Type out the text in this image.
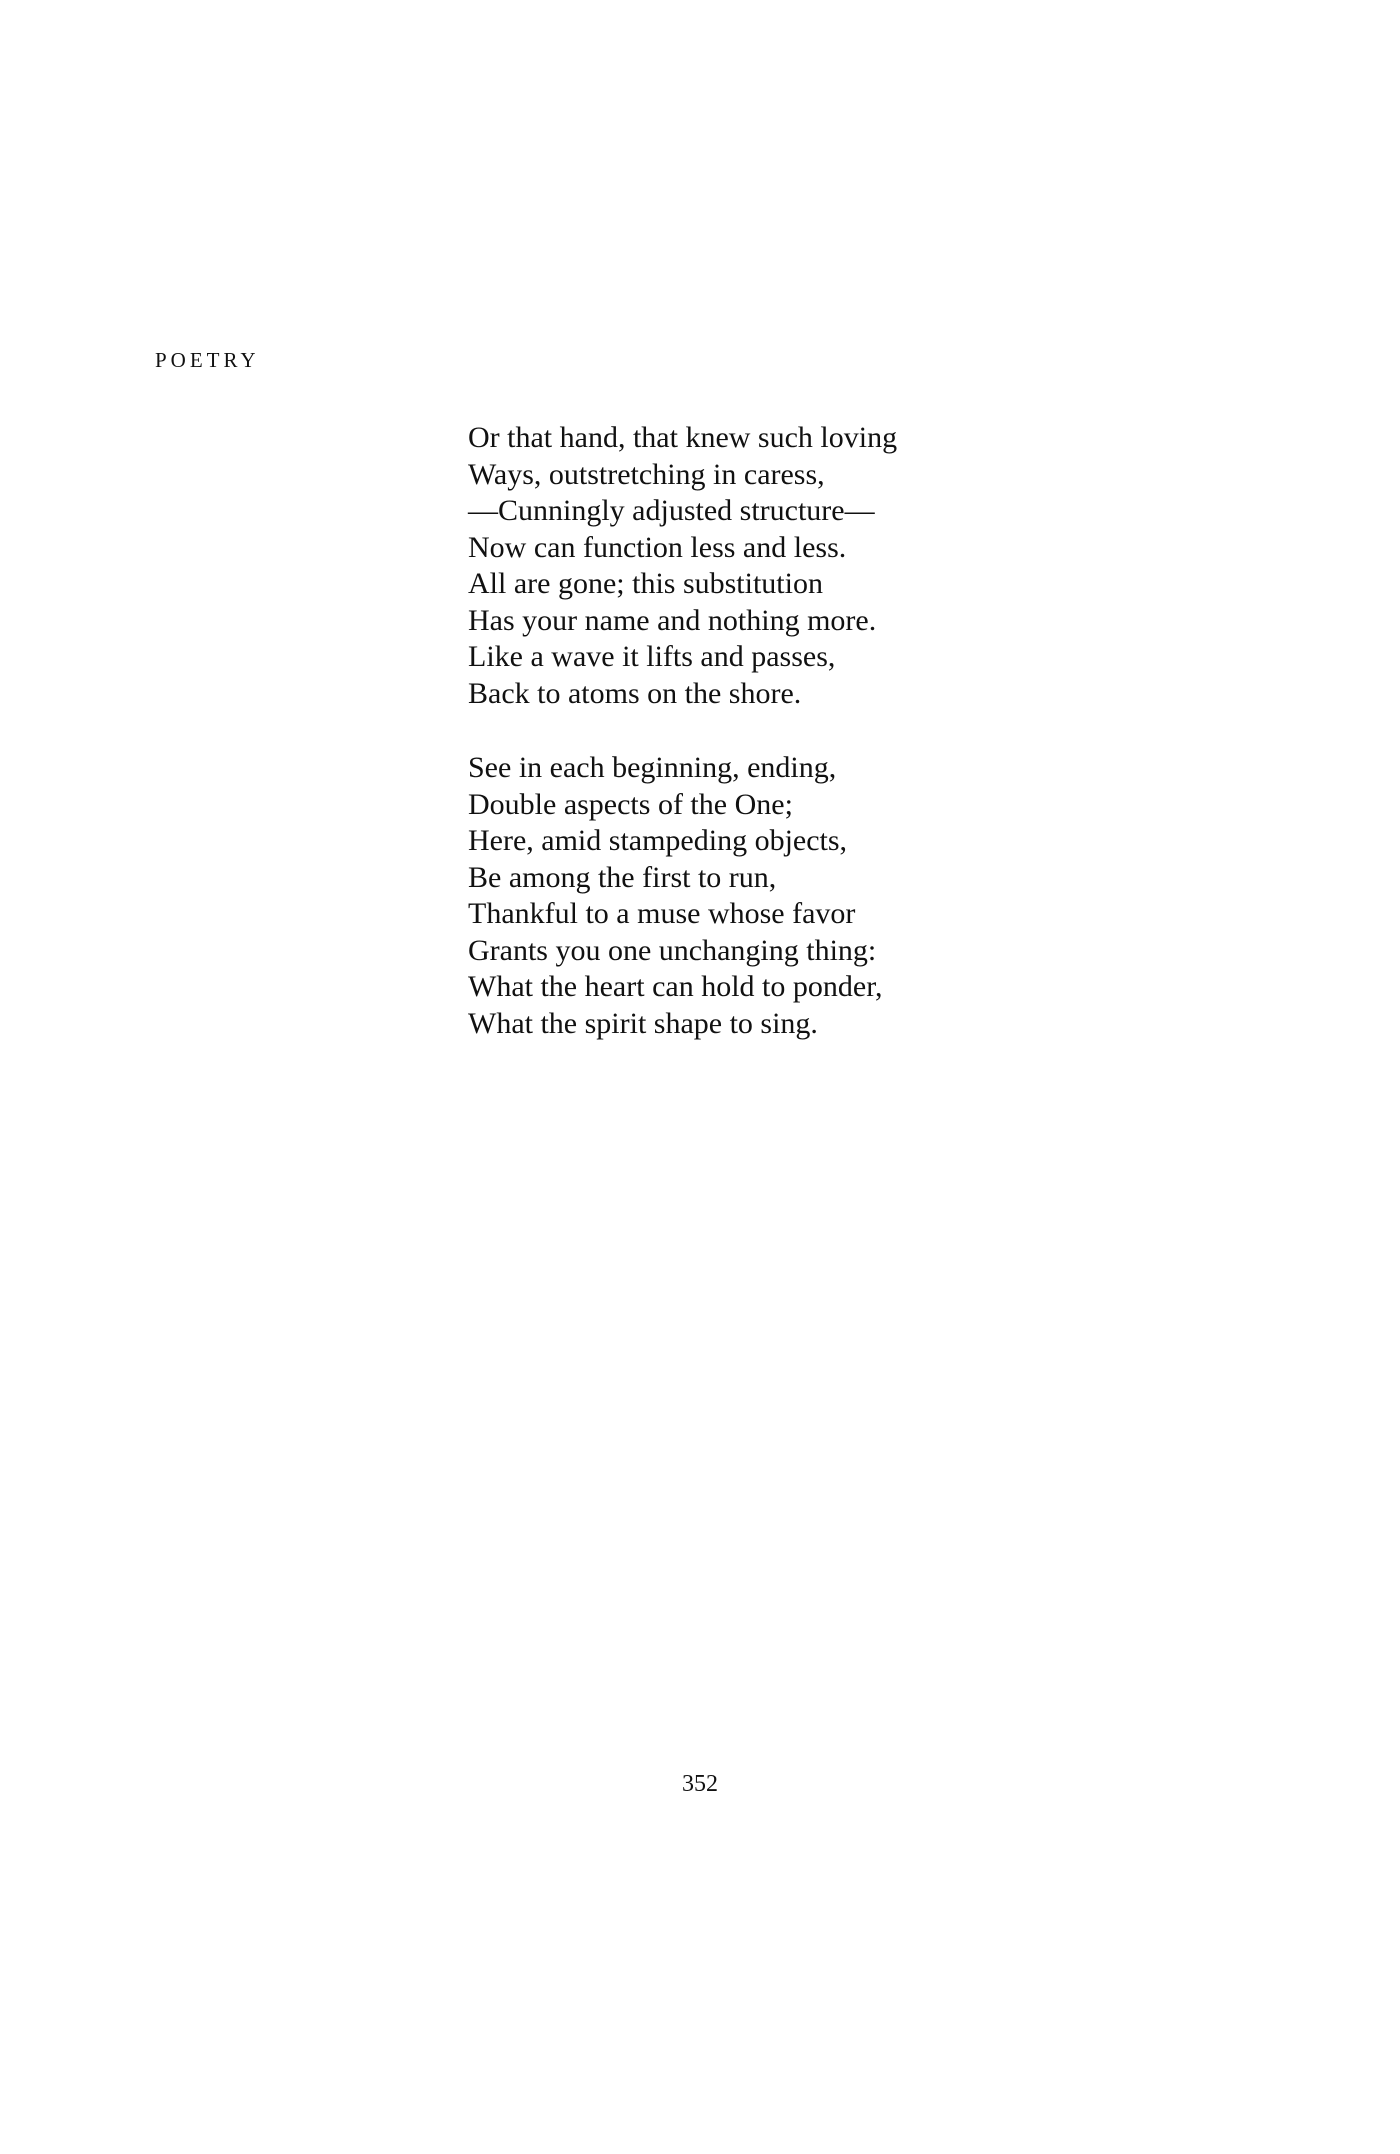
POETRY
Or that hand, that knew such loving
Ways, outstretching in caress,
—Cunningly adjusted structure—
Now can function less and less.
All are gone; this substitution
Has your name and nothing more.
Like a wave it lifts and passes,
Back to atoms on the shore.
See in each beginning, ending,
Double aspects of the One;
Here, amid stampeding objects,
Be among the first to run,
Thankful to a muse whose favor
Grants you one unchanging thing:
What the heart can hold to ponder,
What the spirit shape to sing.
352
